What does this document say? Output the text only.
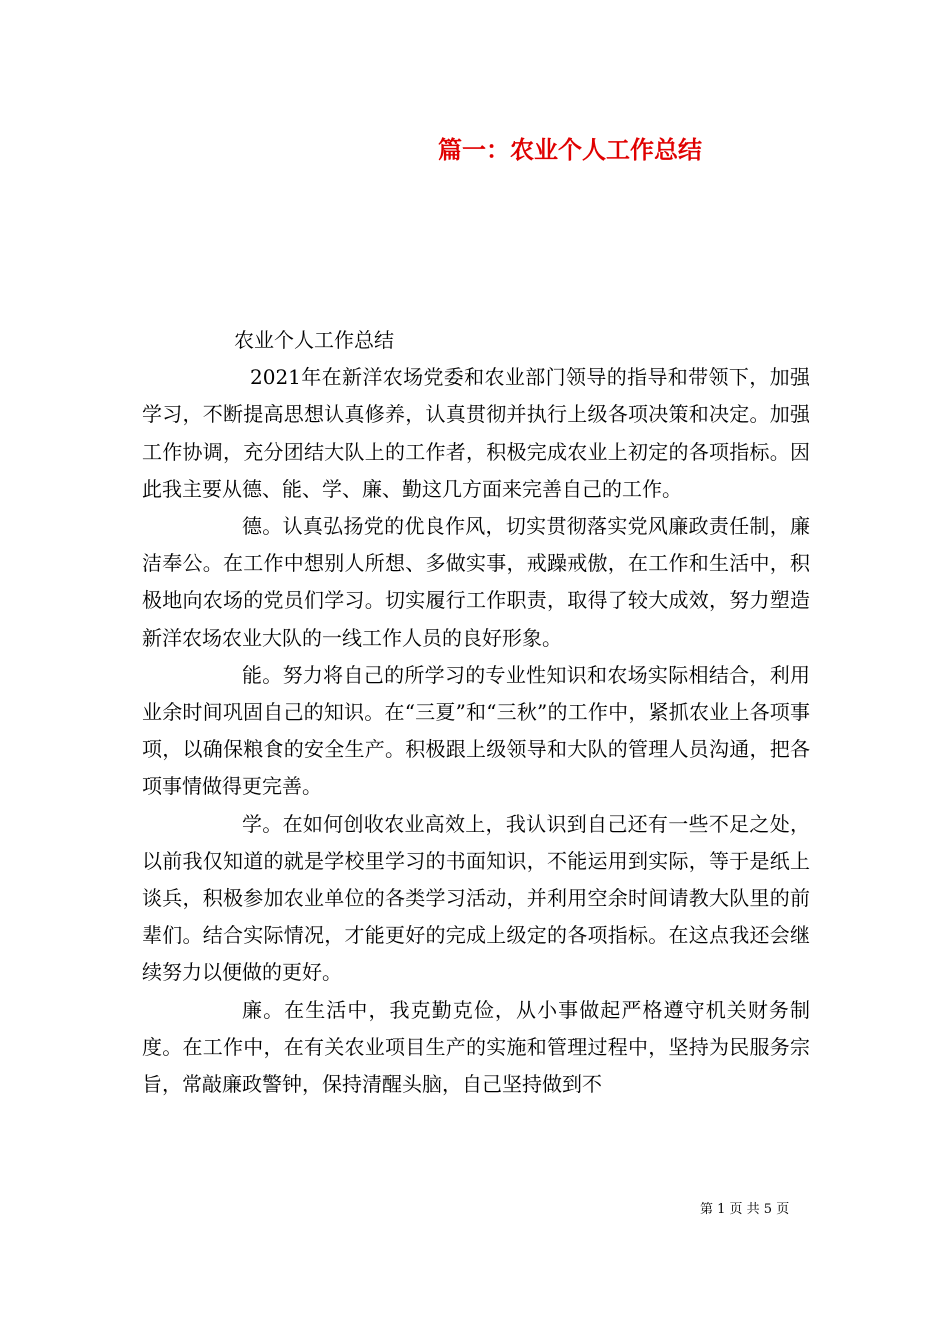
篇一：农业个人工作总结

农业个人工作总结

2021年在新洋农场党委和农业部门领导的指导和带领下，加强学习，不断提高思想认真修养，认真贯彻并执行上级各项决策和决定。加强工作协调，充分团结大队上的工作者，积极完成农业上初定的各项指标。因此我主要从德、能、学、廉、勤这几方面来完善自己的工作。

德。认真弘扬党的优良作风，切实贯彻落实党风廉政责任制，廉洁奉公。在工作中想别人所想、多做实事，戒躁戒傲，在工作和生活中，积极地向农场的党员们学习。切实履行工作职责，取得了较大成效，努力塑造新洋农场农业大队的一线工作人员的良好形象。

能。努力将自己的所学习的专业性知识和农场实际相结合，利用业余时间巩固自己的知识。在“三夏”和“三秋”的工作中，紧抓农业上各项事项，以确保粮食的安全生产。积极跟上级领导和大队的管理人员沟通，把各项事情做得更完善。

学。在如何创收农业高效上，我认识到自己还有一些不足之处，以前我仅知道的就是学校里学习的书面知识，不能运用到实际，等于是纸上谈兵，积极参加农业单位的各类学习活动，并利用空余时间请教大队里的前辈们。结合实际情况，才能更好的完成上级定的各项指标。在这点我还会继续努力以便做的更好。

廉。在生活中，我克勤克俭，从小事做起严格遵守机关财务制度。在工作中，在有关农业项目生产的实施和管理过程中，坚持为民服务宗旨，常敲廉政警钟，保持清醒头脑，自己坚持做到不

第 1 页 共 5 页
